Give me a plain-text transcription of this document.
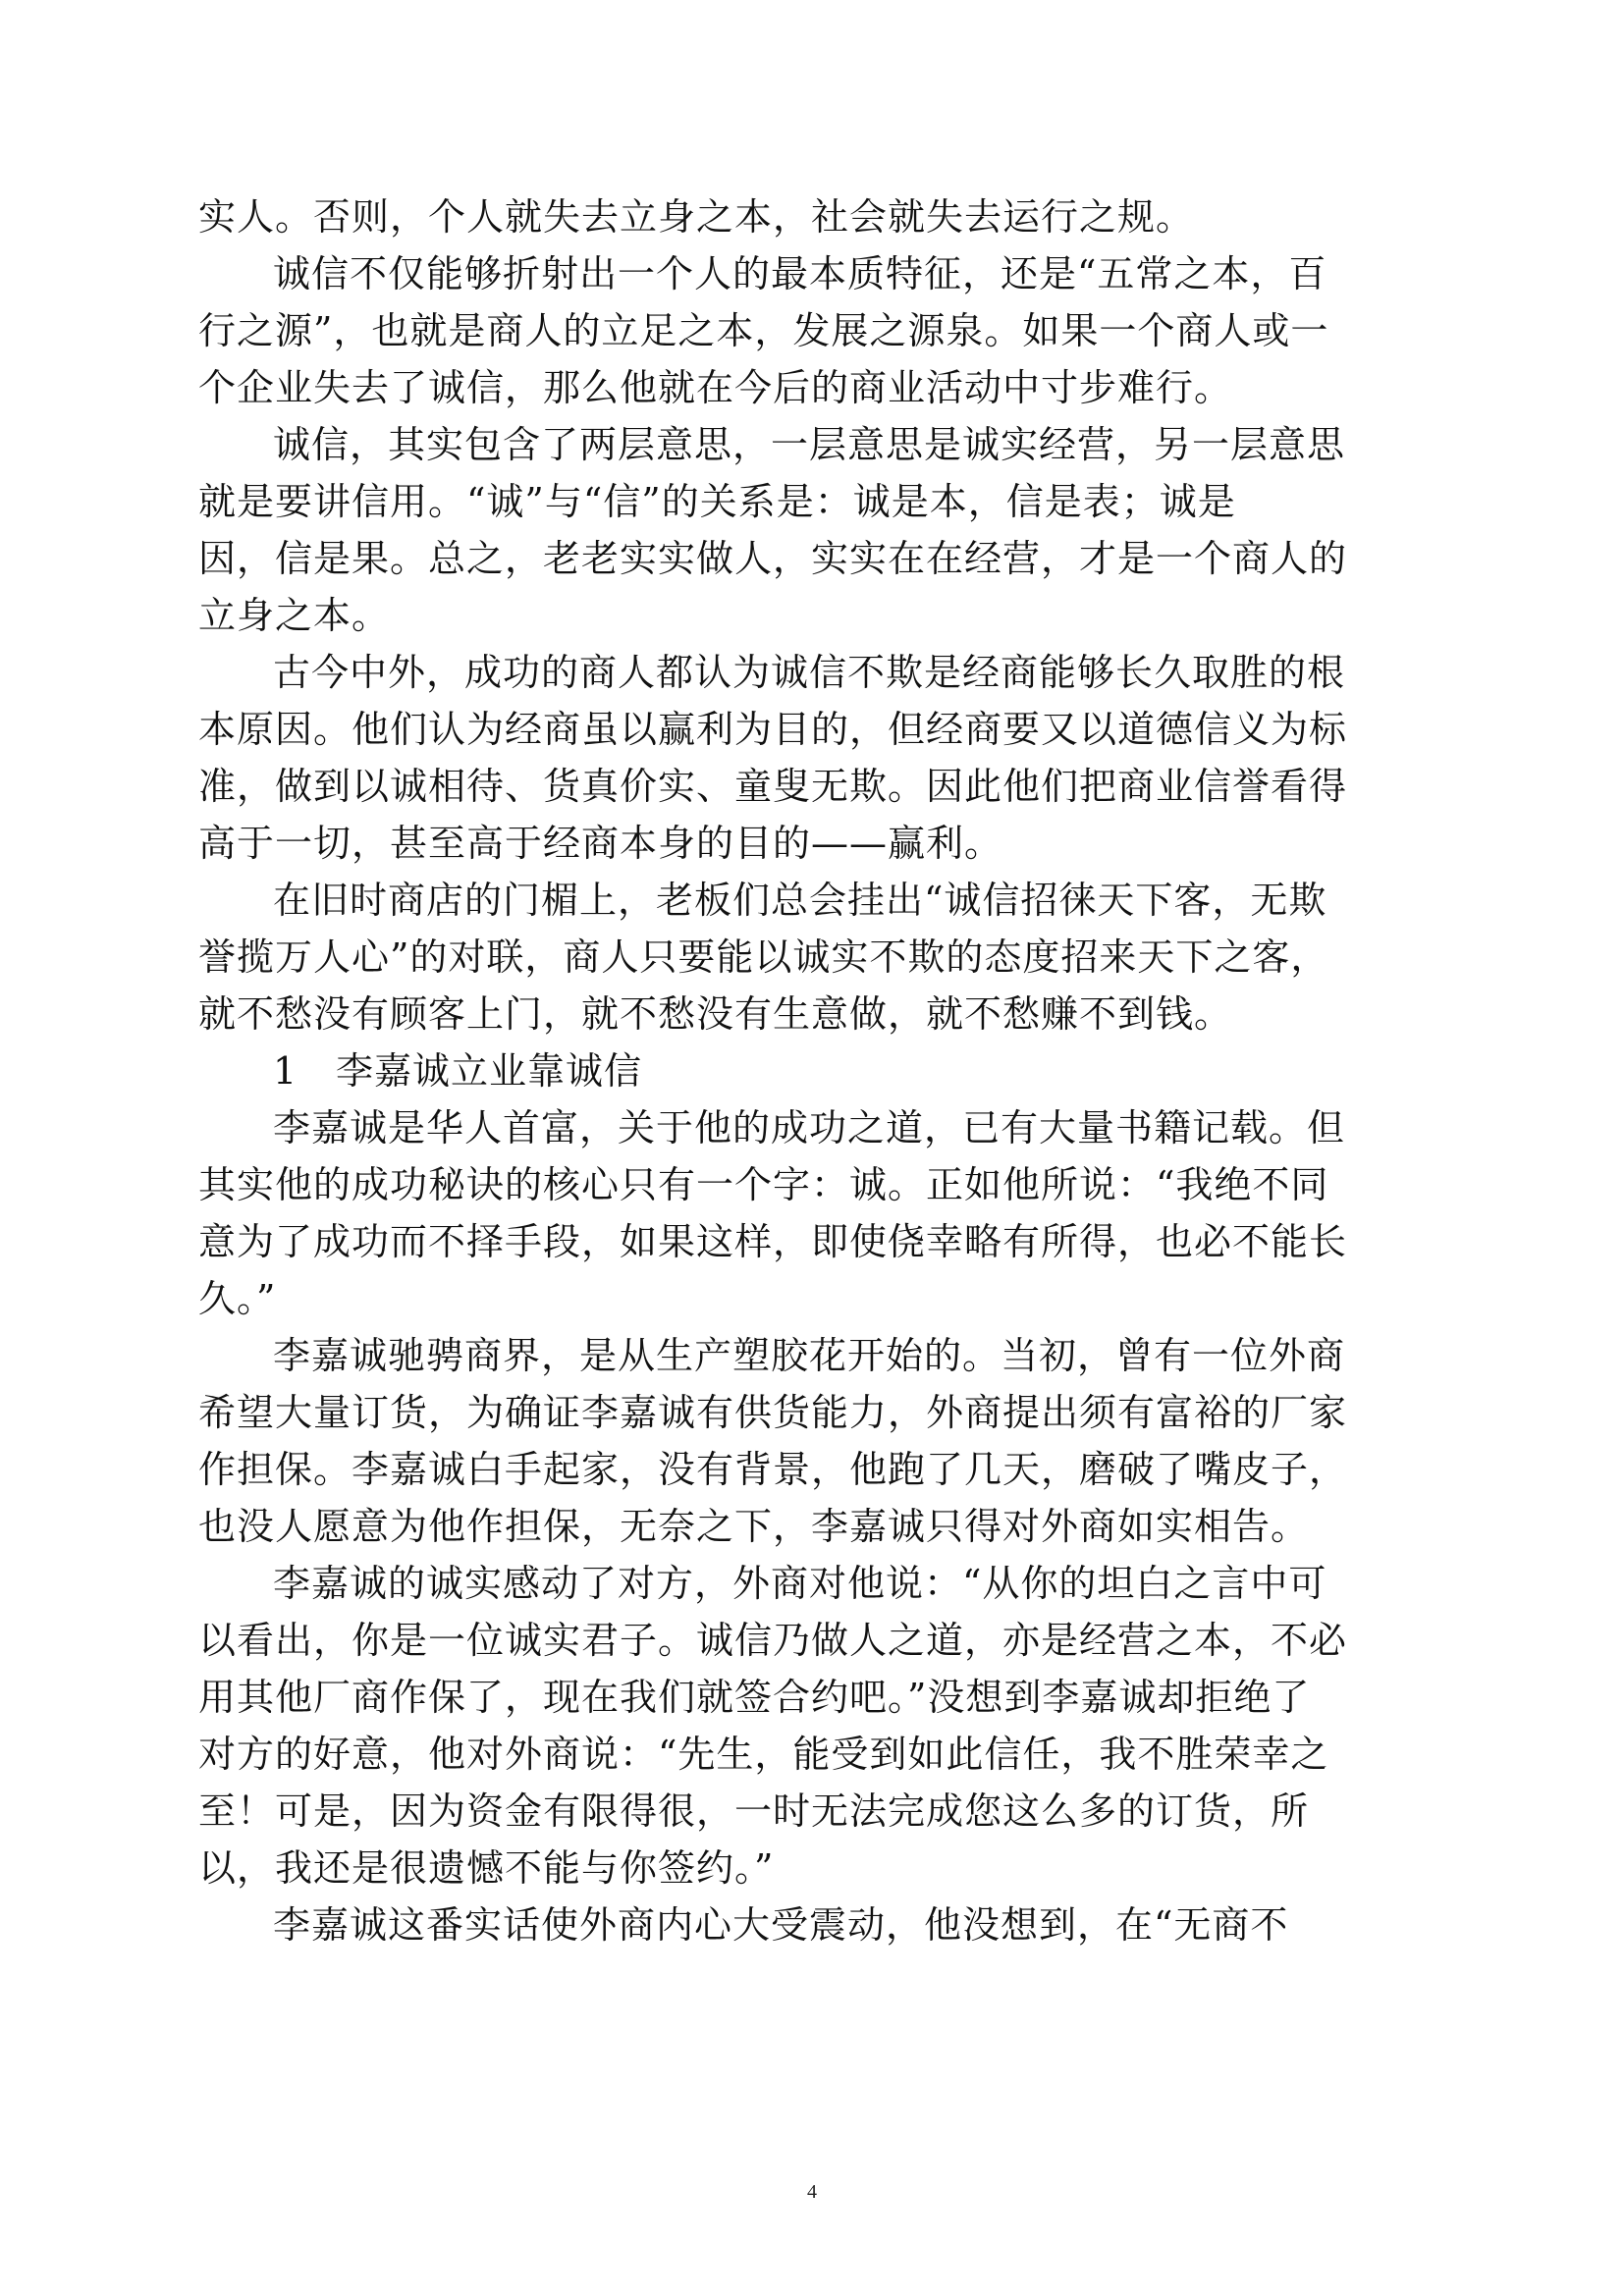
实人。否则，个人就失去立身之本，社会就失去运行之规。
诚信不仅能够折射出一个人的最本质特征，还是“五常之本，百
行之源”，也就是商人的立足之本，发展之源泉。如果一个商人或一
个企业失去了诚信，那么他就在今后的商业活动中寸步难行。
诚信，其实包含了两层意思，一层意思是诚实经营，另一层意思
就是要讲信用。“诚”与“信”的关系是：诚是本，信是表；诚是
因，信是果。总之，老老实实做人，实实在在经营，才是一个商人的
立身之本。
古今中外，成功的商人都认为诚信不欺是经商能够长久取胜的根
本原因。他们认为经商虽以赢利为目的，但经商要又以道德信义为标
准，做到以诚相待、货真价实、童叟无欺。因此他们把商业信誉看得
高于一切，甚至高于经商本身的目的——赢利。
在旧时商店的门楣上，老板们总会挂出“诚信招徕天下客，无欺
誉揽万人心”的对联，商人只要能以诚实不欺的态度招来天下之客，
就不愁没有顾客上门，就不愁没有生意做，就不愁赚不到钱。
1 李嘉诚立业靠诚信
李嘉诚是华人首富，关于他的成功之道，已有大量书籍记载。但
其实他的成功秘诀的核心只有一个字：诚。正如他所说：“我绝不同
意为了成功而不择手段，如果这样，即使侥幸略有所得，也必不能长
久。”
李嘉诚驰骋商界，是从生产塑胶花开始的。当初，曾有一位外商
希望大量订货，为确证李嘉诚有供货能力，外商提出须有富裕的厂家
作担保。李嘉诚白手起家，没有背景，他跑了几天，磨破了嘴皮子，
也没人愿意为他作担保，无奈之下，李嘉诚只得对外商如实相告。
李嘉诚的诚实感动了对方，外商对他说：“从你的坦白之言中可
以看出，你是一位诚实君子。诚信乃做人之道，亦是经营之本，不必
用其他厂商作保了，现在我们就签合约吧。”没想到李嘉诚却拒绝了
对方的好意，他对外商说：“先生，能受到如此信任，我不胜荣幸之
至！可是，因为资金有限得很，一时无法完成您这么多的订货，所
以，我还是很遗憾不能与你签约。”
李嘉诚这番实话使外商内心大受震动，他没想到，在“无商不
4
